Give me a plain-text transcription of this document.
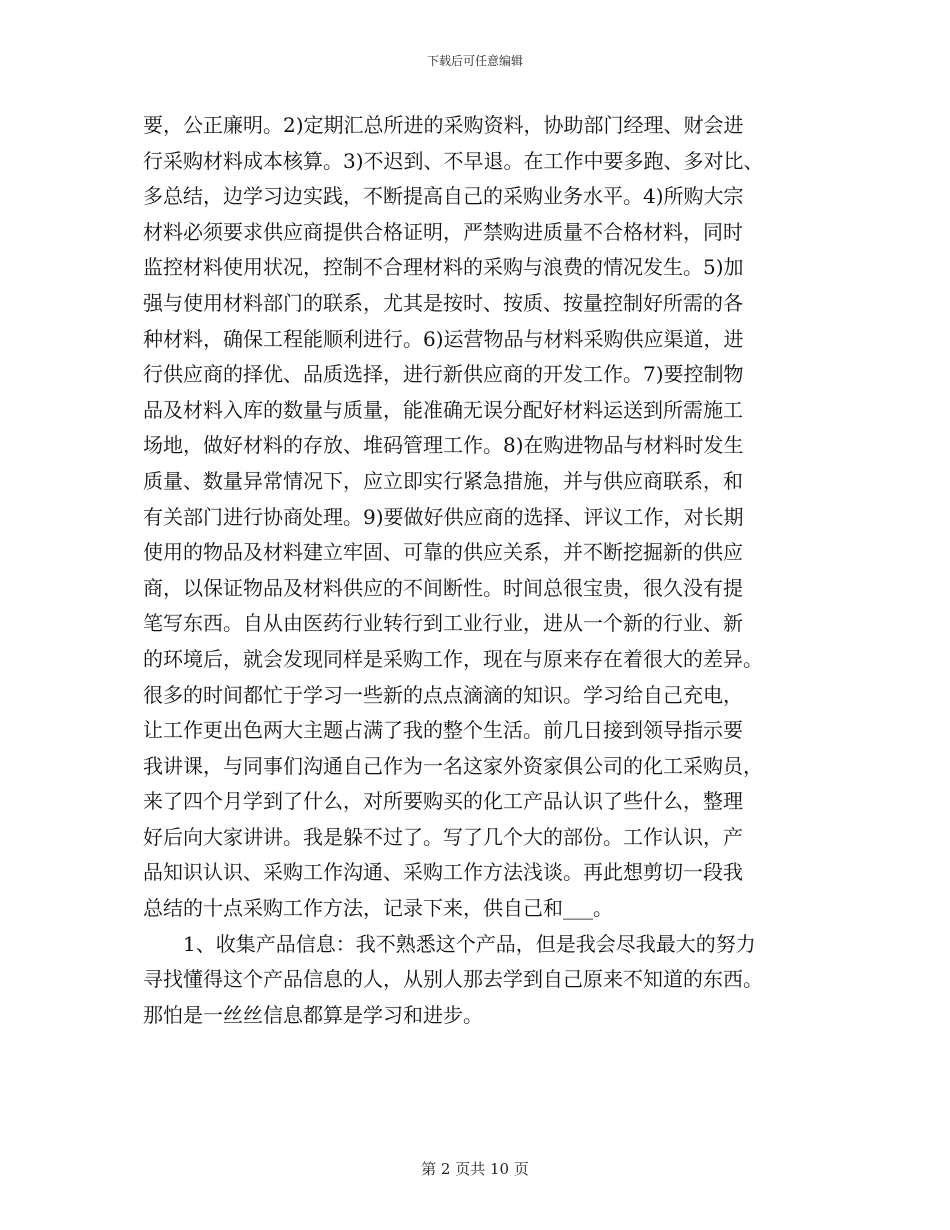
下载后可任意编辑
要，公正廉明。2)定期汇总所进的采购资料，协助部门经理、财会进
行采购材料成本核算。3)不迟到、不早退。在工作中要多跑、多对比、
多总结，边学习边实践，不断提高自己的采购业务水平。4)所购大宗
材料必须要求供应商提供合格证明，严禁购进质量不合格材料，同时
监控材料使用状况，控制不合理材料的采购与浪费的情况发生。5)加
强与使用材料部门的联系，尤其是按时、按质、按量控制好所需的各
种材料，确保工程能顺利进行。6)运营物品与材料采购供应渠道，进
行供应商的择优、品质选择，进行新供应商的开发工作。7)要控制物
品及材料入库的数量与质量，能准确无误分配好材料运送到所需施工
场地，做好材料的存放、堆码管理工作。8)在购进物品与材料时发生
质量、数量异常情况下，应立即实行紧急措施，并与供应商联系，和
有关部门进行协商处理。9)要做好供应商的选择、评议工作，对长期
使用的物品及材料建立牢固、可靠的供应关系，并不断挖掘新的供应
商，以保证物品及材料供应的不间断性。时间总很宝贵，很久没有提
笔写东西。自从由医药行业转行到工业行业，进从一个新的行业、新
的环境后，就会发现同样是采购工作，现在与原来存在着很大的差异。
很多的时间都忙于学习一些新的点点滴滴的知识。学习给自己充电，
让工作更出色两大主题占满了我的整个生活。前几日接到领导指示要
我讲课，与同事们沟通自己作为一名这家外资家俱公司的化工采购员，
来了四个月学到了什么，对所要购买的化工产品认识了些什么，整理
好后向大家讲讲。我是躲不过了。写了几个大的部份。工作认识，产
品知识认识、采购工作沟通、采购工作方法浅谈。再此想剪切一段我
总结的十点采购工作方法，记录下来，供自己和___。
1、收集产品信息：我不熟悉这个产品，但是我会尽我最大的努力
寻找懂得这个产品信息的人，从别人那去学到自己原来不知道的东西。
那怕是一丝丝信息都算是学习和进步。
第 2 页共 10 页
